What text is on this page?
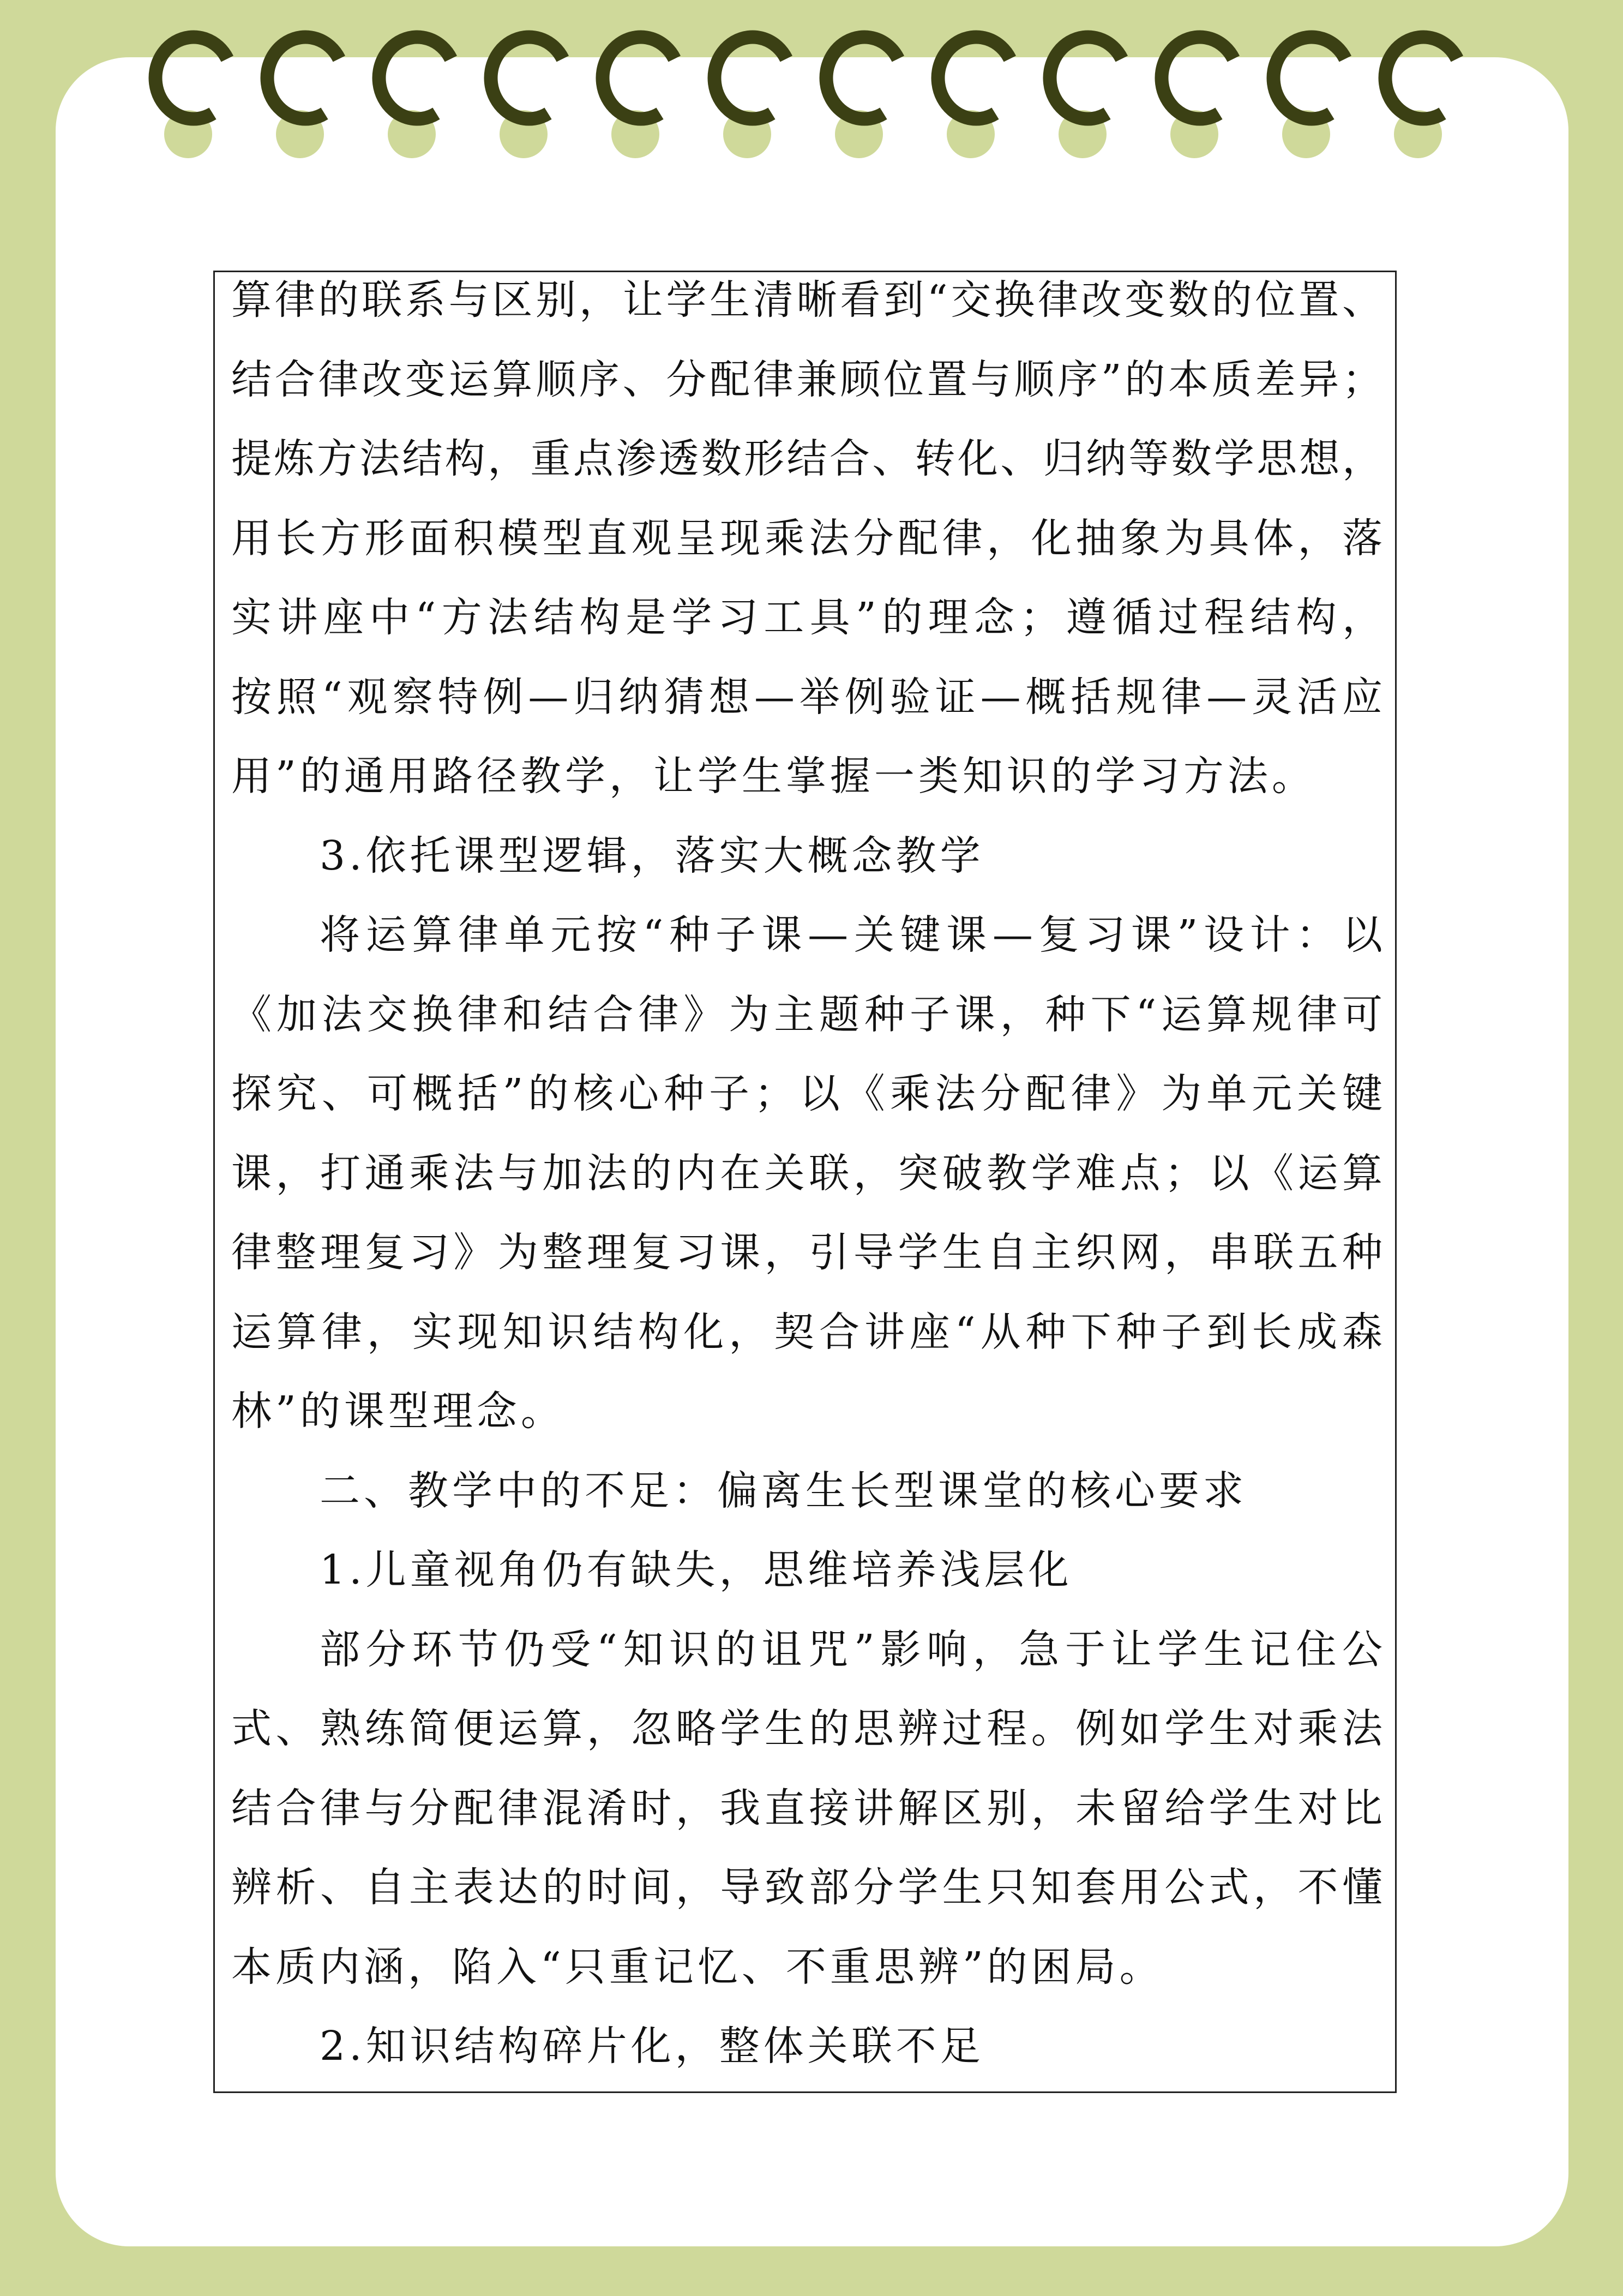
算律的联系与区别，让学生清晰看到“交换律改变数的位置、
结合律改变运算顺序、分配律兼顾位置与顺序”的本质差异；
提炼方法结构，重点渗透数形结合、转化、归纳等数学思想，
用长方形面积模型直观呈现乘法分配律，化抽象为具体，落
实讲座中“方法结构是学习工具”的理念；遵循过程结构，
按照“观察特例—归纳猜想—举例验证—概括规律—灵活应
用”的通用路径教学，让学生掌握一类知识的学习方法。
3.依托课型逻辑，落实大概念教学
将运算律单元按“种子课—关键课—复习课”设计：以
《加法交换律和结合律》为主题种子课，种下“运算规律可
探究、可概括”的核心种子；以《乘法分配律》为单元关键
课，打通乘法与加法的内在关联，突破教学难点；以《运算
律整理复习》为整理复习课，引导学生自主织网，串联五种
运算律，实现知识结构化，契合讲座“从种下种子到长成森
林”的课型理念。
二、教学中的不足：偏离生长型课堂的核心要求
1.儿童视角仍有缺失，思维培养浅层化
部分环节仍受“知识的诅咒”影响，急于让学生记住公
式、熟练简便运算，忽略学生的思辨过程。例如学生对乘法
结合律与分配律混淆时，我直接讲解区别，未留给学生对比
辨析、自主表达的时间，导致部分学生只知套用公式，不懂
本质内涵，陷入“只重记忆、不重思辨”的困局。
2.知识结构碎片化，整体关联不足
